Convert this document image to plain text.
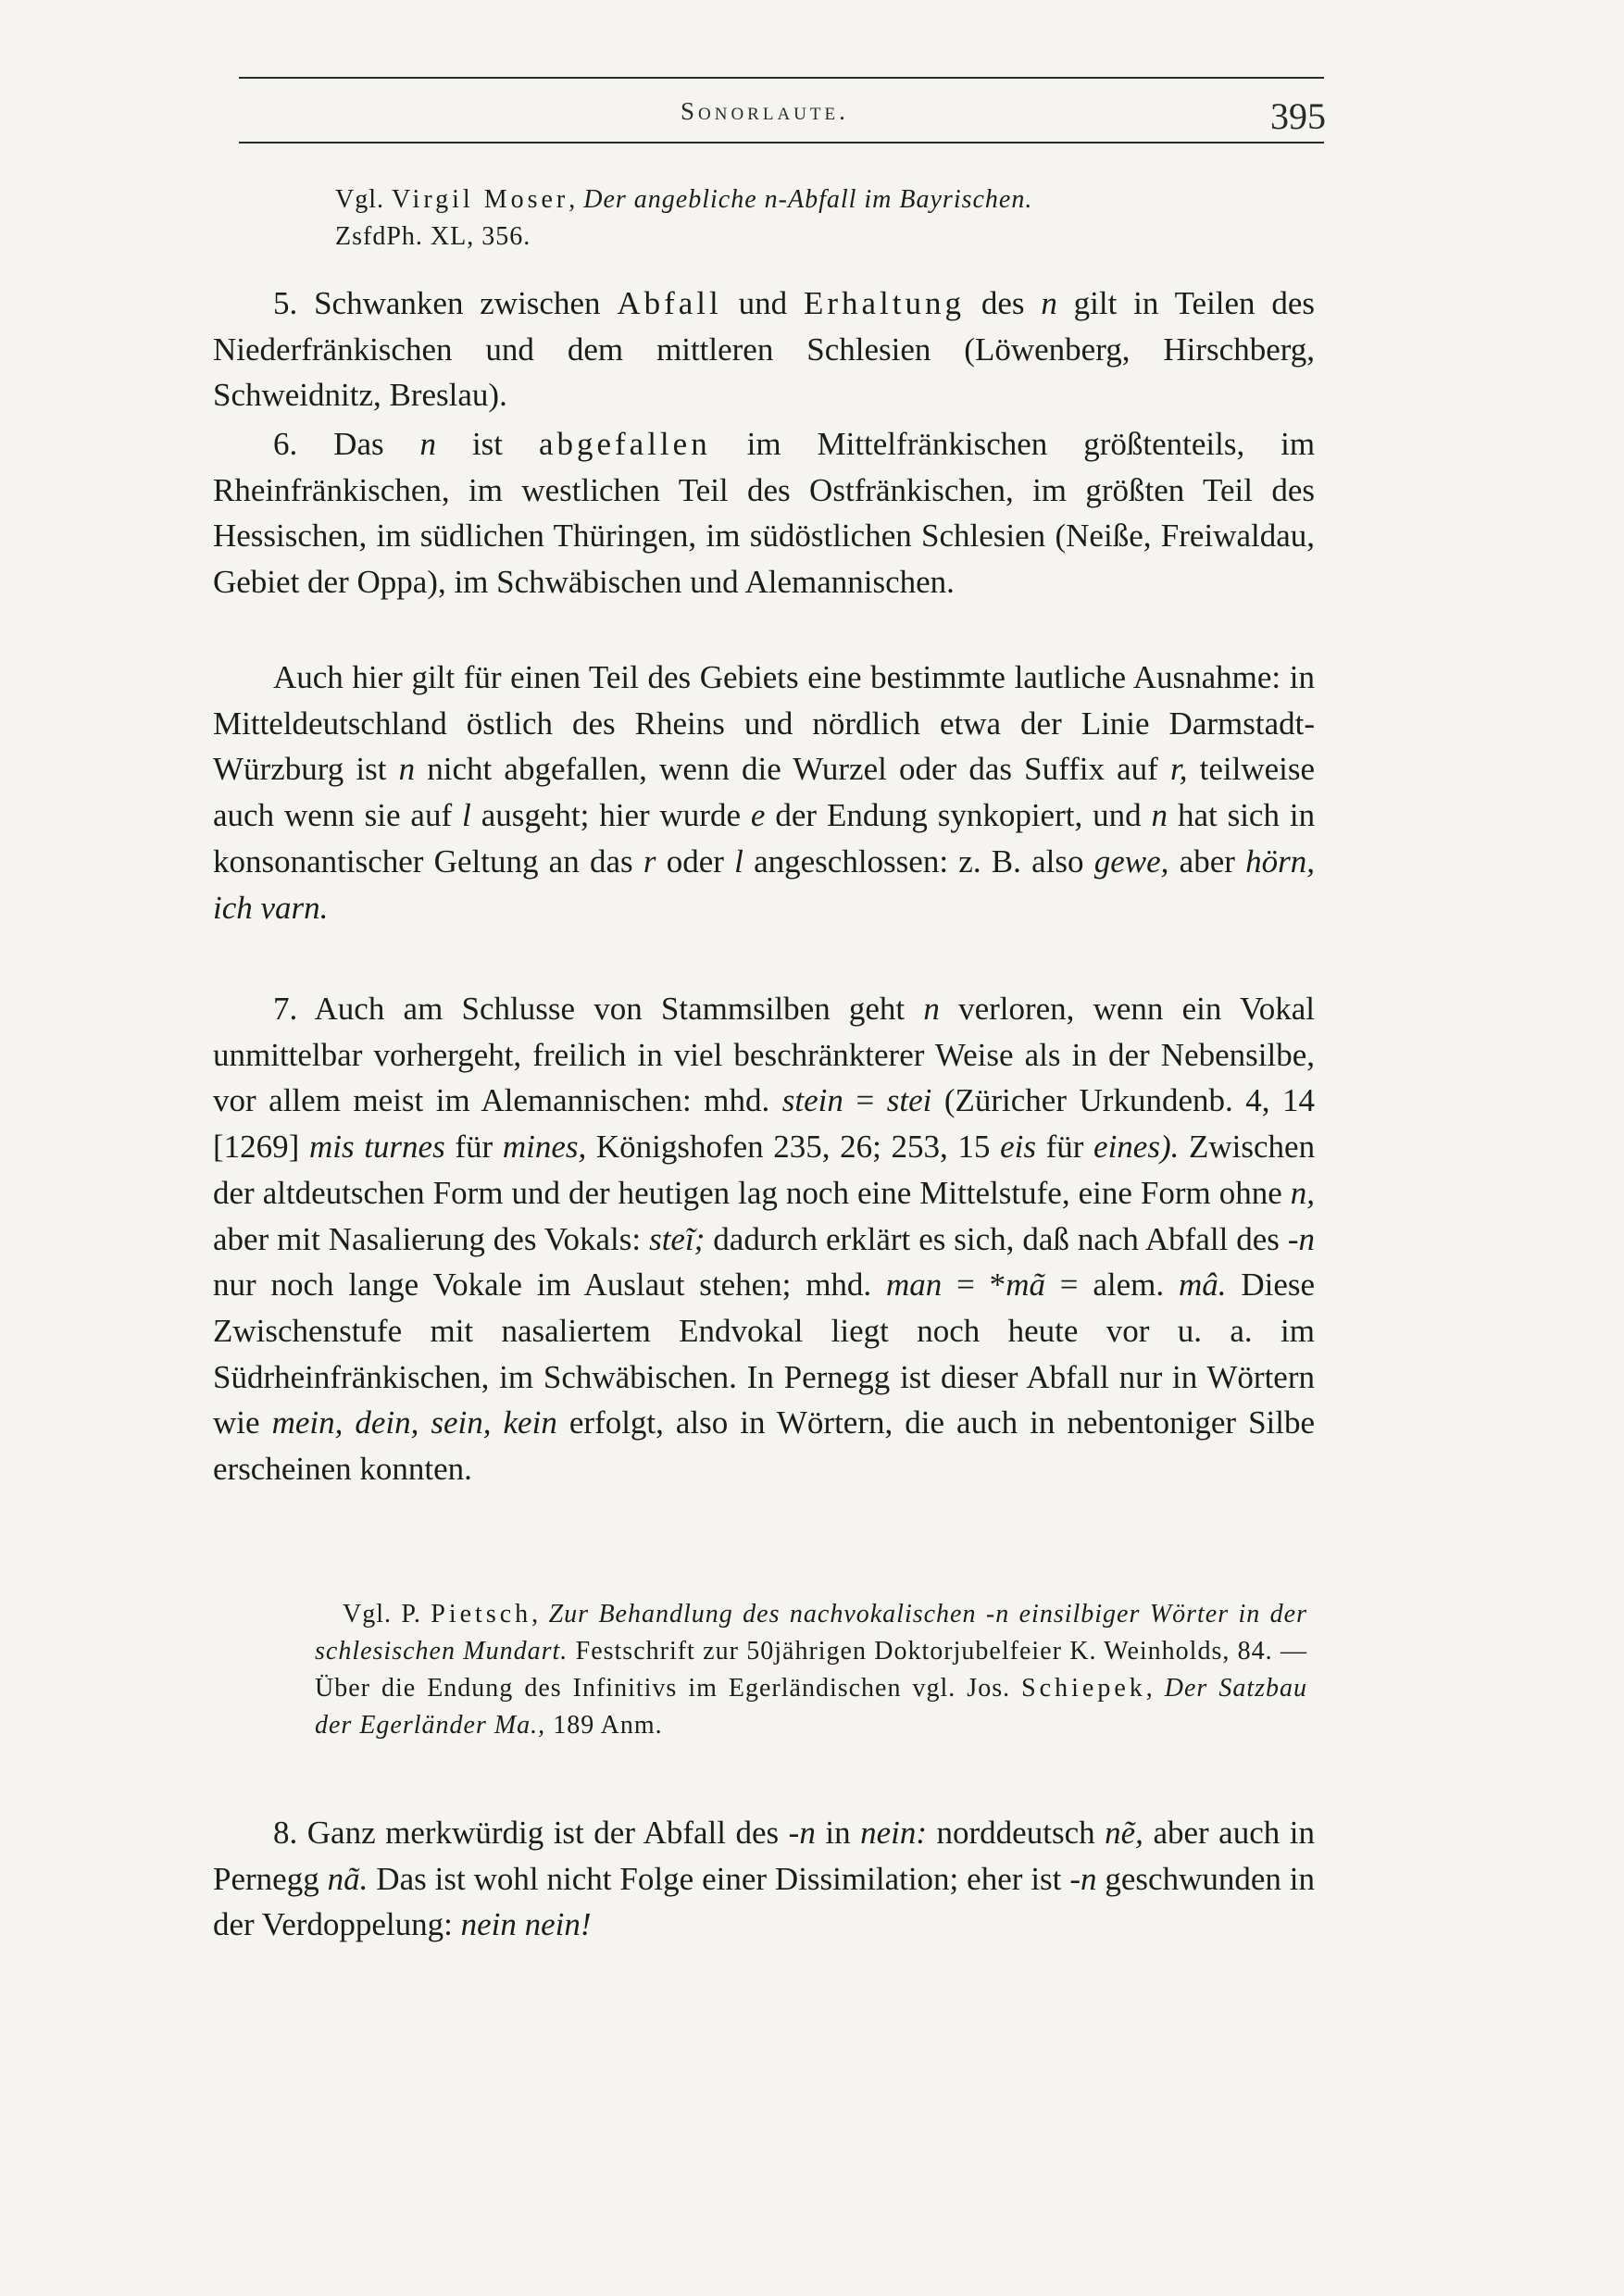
Sonorlaute.	395

Vgl. Virgil Moser, Der angebliche n-Abfall im Bayrischen.
ZsfdPh. XL, 356.

5. Schwanken zwischen Abfall und Erhaltung des n gilt in Teilen des Niederfränkischen und dem mittleren Schlesien (Löwenberg, Hirschberg, Schweidnitz, Breslau).

6. Das n ist abgefallen im Mittelfränkischen größtenteils, im Rheinfränkischen, im westlichen Teil des Ostfränkischen, im größten Teil des Hessischen, im südlichen Thüringen, im südöstlichen Schlesien (Neiße, Freiwaldau, Gebiet der Oppa), im Schwäbischen und Alemannischen.

Auch hier gilt für einen Teil des Gebiets eine bestimmte lautliche Ausnahme: in Mitteldeutschland östlich des Rheins und nördlich etwa der Linie Darmstadt-Würzburg ist n nicht abgefallen, wenn die Wurzel oder das Suffix auf r, teilweise auch wenn sie auf l ausgeht; hier wurde e der Endung synkopiert, und n hat sich in konsonantischer Geltung an das r oder l angeschlossen: z. B. also gewe, aber hörn, ich varn.

7. Auch am Schlusse von Stammsilben geht n verloren, wenn ein Vokal unmittelbar vorhergeht, freilich in viel beschränkterer Weise als in der Nebensilbe, vor allem meist im Alemannischen: mhd. stein = stei (Züricher Urkundenb. 4, 14 [1269] mis turnes für mines, Königshofen 235, 26; 253, 15 eis für eines). Zwischen der altdeutschen Form und der heutigen lag noch eine Mittelstufe, eine Form ohne n, aber mit Nasalierung des Vokals: steĩ; dadurch erklärt es sich, daß nach Abfall des -n nur noch lange Vokale im Auslaut stehen; mhd. man = *mã = alem. mâ. Diese Zwischenstufe mit nasaliertem Endvokal liegt noch heute vor u. a. im Südrheinfränkischen, im Schwäbischen. In Pernegg ist dieser Abfall nur in Wörtern wie mein, dein, sein, kein erfolgt, also in Wörtern, die auch in nebentoniger Silbe erscheinen konnten.

Vgl. P. Pietsch, Zur Behandlung des nachvokalischen -n einsilbiger Wörter in der schlesischen Mundart. Festschrift zur 50jährigen Doktorjubelfeier K. Weinholds, 84. — Über die Endung des Infinitivs im Egerländischen vgl. Jos. Schiepek, Der Satzbau der Egerländer Ma., 189 Anm.

8. Ganz merkwürdig ist der Abfall des -n in nein: norddeutsch nẽ, aber auch in Pernegg nã. Das ist wohl nicht Folge einer Dissimilation; eher ist -n geschwunden in der Verdoppelung: nein nein!
